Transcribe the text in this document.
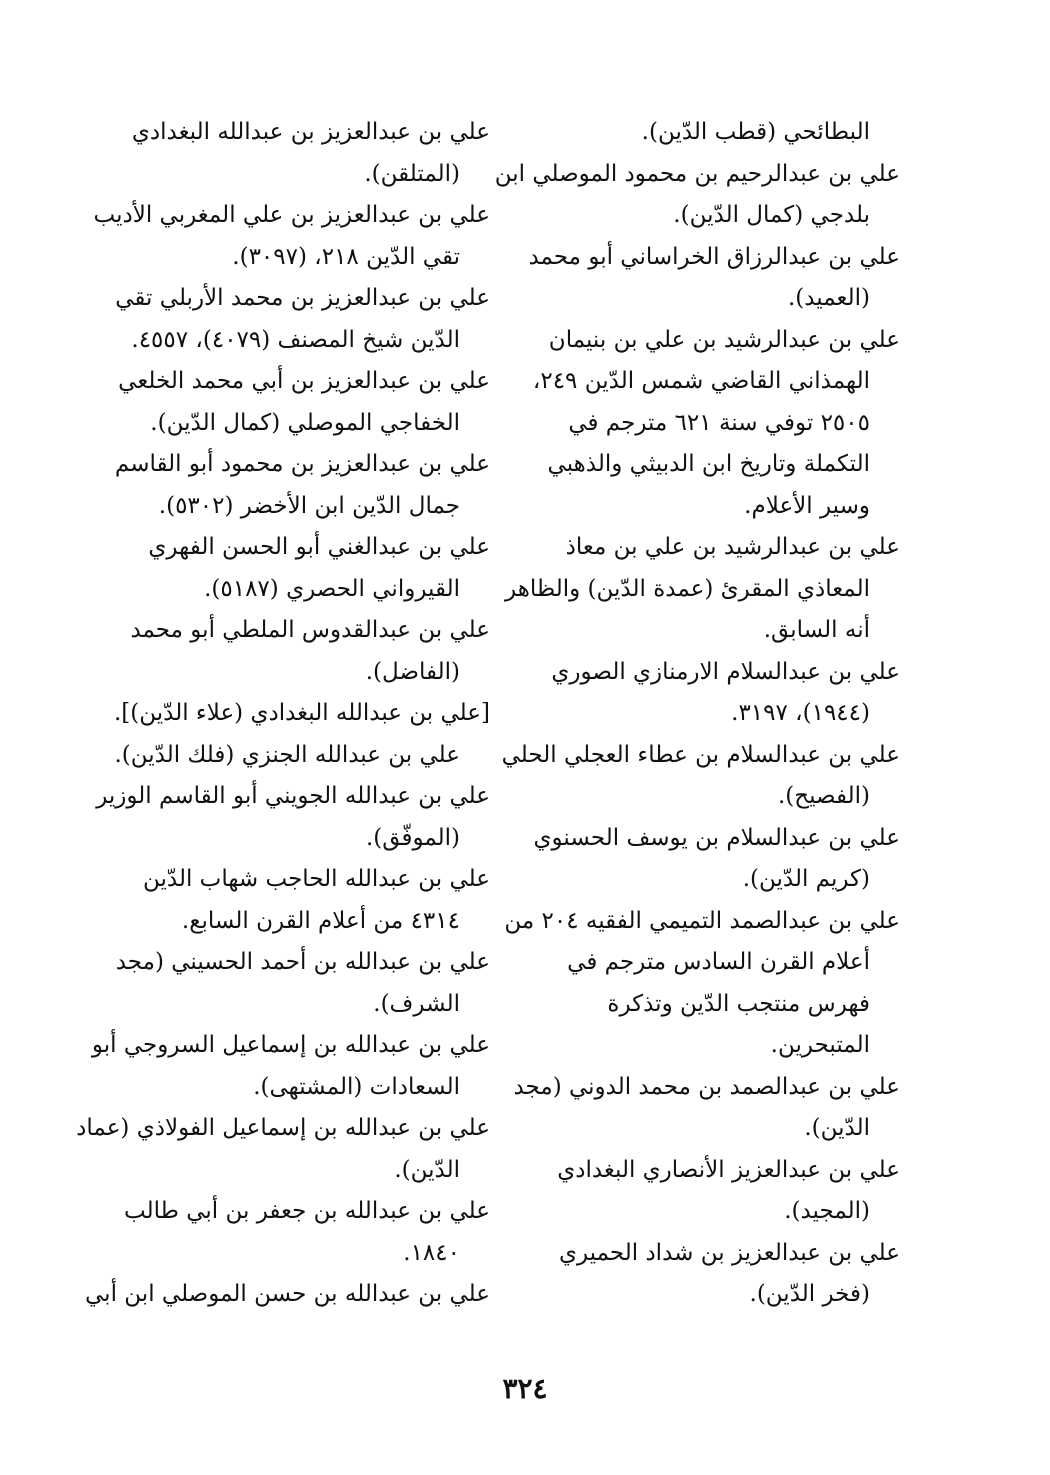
البطائحي (قطب الدّين).
علي بن عبدالرحيم بن محمود الموصلي ابن
بلدجي (كمال الدّين).
علي بن عبدالرزاق الخراساني أبو محمد
(العميد).
علي بن عبدالرشيد بن علي بن بنيمان
الهمذاني القاضي شمس الدّين ٢٤٩،
٢٥٠٥ توفي سنة ٦٢١ مترجم في
التكملة وتاريخ ابن الدبيثي والذهبي
وسير الأعلام.
علي بن عبدالرشيد بن علي بن معاذ
المعاذي المقرئ (عمدة الدّين) والظاهر
أنه السابق.
علي بن عبدالسلام الارمنازي الصوري
(١٩٤٤)، ٣١٩٧.
علي بن عبدالسلام بن عطاء العجلي الحلي
(الفصيح).
علي بن عبدالسلام بن يوسف الحسنوي
(كريم الدّين).
علي بن عبدالصمد التميمي الفقيه ٢٠٤ من
أعلام القرن السادس مترجم في
فهرس منتجب الدّين وتذكرة
المتبحرين.
علي بن عبدالصمد بن محمد الدوني (مجد
الدّين).
علي بن عبدالعزيز الأنصاري البغدادي
(المجيد).
علي بن عبدالعزيز بن شداد الحميري
(فخر الدّين).
علي بن عبدالعزيز بن عبدالله البغدادي
(المتلقن).
علي بن عبدالعزيز بن علي المغربي الأديب
تقي الدّين ٢١٨، (٣٠٩٧).
علي بن عبدالعزيز بن محمد الأربلي تقي
الدّين شيخ المصنف (٤٠٧٩)، ٤٥٥٧.
علي بن عبدالعزيز بن أبي محمد الخلعي
الخفاجي الموصلي (كمال الدّين).
علي بن عبدالعزيز بن محمود أبو القاسم
جمال الدّين ابن الأخضر (٥٣٠٢).
علي بن عبدالغني أبو الحسن الفهري
القيرواني الحصري (٥١٨٧).
علي بن عبدالقدوس الملطي أبو محمد
(الفاضل).
[علي بن عبدالله البغدادي (علاء الدّين)].
علي بن عبدالله الجنزي (فلك الدّين).
علي بن عبدالله الجويني أبو القاسم الوزير
(الموفّق).
علي بن عبدالله الحاجب شهاب الدّين
٤٣١٤ من أعلام القرن السابع.
علي بن عبدالله بن أحمد الحسيني (مجد
الشرف).
علي بن عبدالله بن إسماعيل السروجي أبو
السعادات (المشتهى).
علي بن عبدالله بن إسماعيل الفولاذي (عماد
الدّين).
علي بن عبدالله بن جعفر بن أبي طالب
١٨٤٠.
علي بن عبدالله بن حسن الموصلي ابن أبي
٣٢٤
